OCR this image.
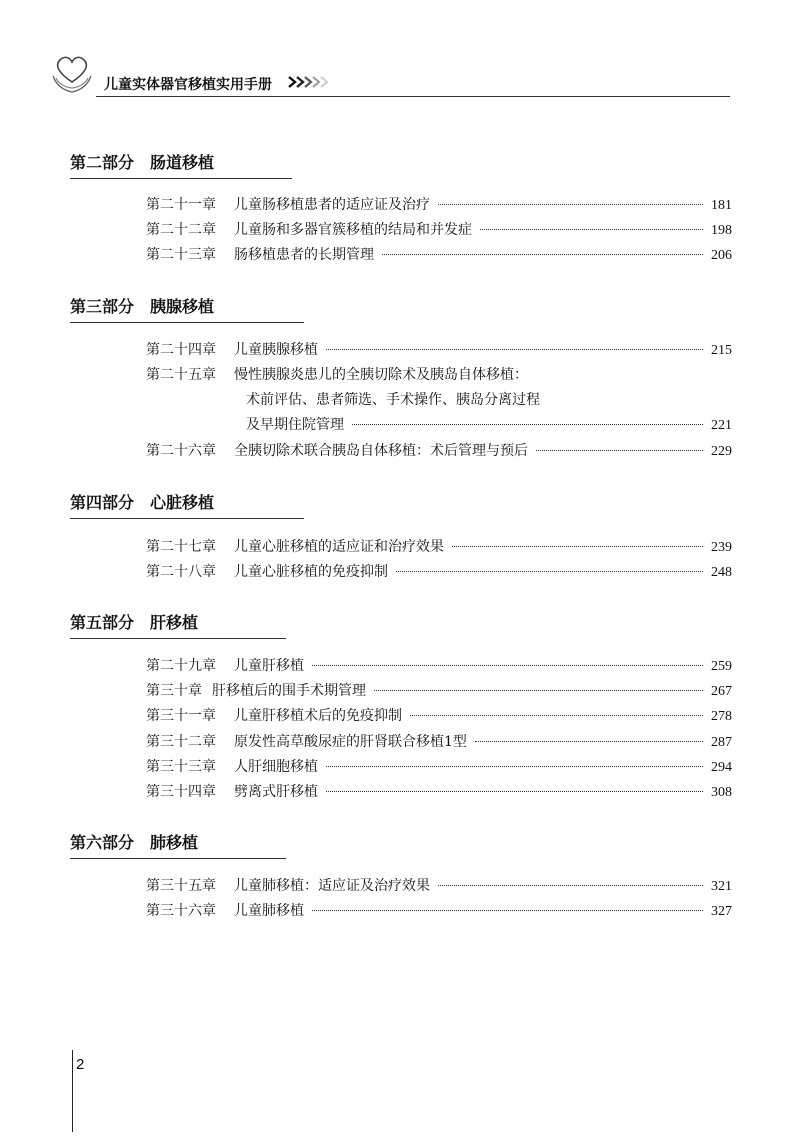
儿童实体器官移植实用手册
第二部分　肠道移植
第二十一章 儿童肠移植患者的适应证及治疗	181
第二十二章 儿童肠和多器官簇移植的结局和并发症	198
第二十三章 肠移植患者的长期管理	206
第三部分　胰腺移植
第二十四章 儿童胰腺移植	215
第二十五章 慢性胰腺炎患儿的全胰切除术及胰岛自体移植：
术前评估、患者筛选、手术操作、胰岛分离过程
及早期住院管理	221
第二十六章 全胰切除术联合胰岛自体移植：术后管理与预后	229
第四部分　心脏移植
第二十七章 儿童心脏移植的适应证和治疗效果	239
第二十八章 儿童心脏移植的免疫抑制	248
第五部分　肝移植
第二十九章 儿童肝移植	259
第三十章 肝移植后的围手术期管理	267
第三十一章 儿童肝移植术后的免疫抑制	278
第三十二章 原发性高草酸尿症的肝肾联合移植1型	287
第三十三章 人肝细胞移植	294
第三十四章 劈离式肝移植	308
第六部分　肺移植
第三十五章 儿童肺移植：适应证及治疗效果	321
第三十六章 儿童肺移植	327
2
